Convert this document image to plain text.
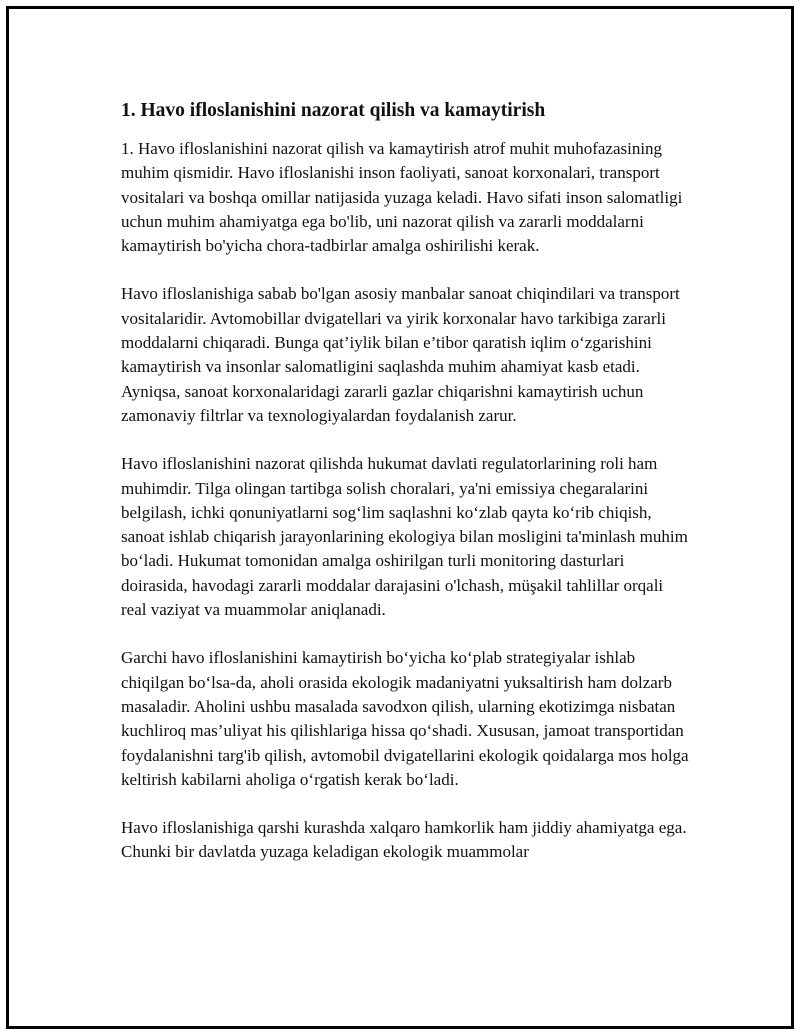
1. Havo ifloslanishini nazorat qilish va kamaytirish

1. Havo ifloslanishini nazorat qilish va kamaytirish atrof muhit muhofazasining muhim qismidir. Havo ifloslanishi inson faoliyati, sanoat korxonalari, transport vositalari va boshqa omillar natijasida yuzaga keladi. Havo sifati inson salomatligi uchun muhim ahamiyatga ega bo'lib, uni nazorat qilish va zararli moddalarni kamaytirish bo'yicha chora-tadbirlar amalga oshirilishi kerak.

Havo ifloslanishiga sabab bo'lgan asosiy manbalar sanoat chiqindilari va transport vositalaridir. Avtomobillar dvigatellari va yirik korxonalar havo tarkibiga zararli moddalarni chiqaradi. Bunga qat’iylik bilan e’tibor qaratish iqlim o‘zgarishini kamaytirish va insonlar salomatligini saqlashda muhim ahamiyat kasb etadi. Ayniqsa, sanoat korxonalaridagi zararli gazlar chiqarishni kamaytirish uchun zamonaviy filtrlar va texnologiyalardan foydalanish zarur.

Havo ifloslanishini nazorat qilishda hukumat davlati regulatorlarining roli ham muhimdir. Tilga olingan tartibga solish choralari, ya'ni emissiya chegaralarini belgilash, ichki qonuniyatlarni sog‘lim saqlashni ko‘zlab qayta ko‘rib chiqish, sanoat ishlab chiqarish jarayonlarining ekologiya bilan mosligini ta'minlash muhim bo‘ladi. Hukumat tomonidan amalga oshirilgan turli monitoring dasturlari doirasida, havodagi zararli moddalar darajasini o'lchash, müşakil tahlillar orqali real vaziyat va muammolar aniqlanadi.

Garchi havo ifloslanishini kamaytirish bo‘yicha ko‘plab strategiyalar ishlab chiqilgan bo‘lsa-da, aholi orasida ekologik madaniyatni yuksaltirish ham dolzarb masaladir. Aholini ushbu masalada savodxon qilish, ularning ekotizimga nisbatan kuchliroq mas’uliyat his qilishlariga hissa qo‘shadi. Xususan, jamoat transportidan foydalanishni targ'ib qilish, avtomobil dvigatellarini ekologik qoidalarga mos holga keltirish kabilarni aholiga o‘rgatish kerak bo‘ladi.

Havo ifloslanishiga qarshi kurashda xalqaro hamkorlik ham jiddiy ahamiyatga ega. Chunki bir davlatda yuzaga keladigan ekologik muammolar
